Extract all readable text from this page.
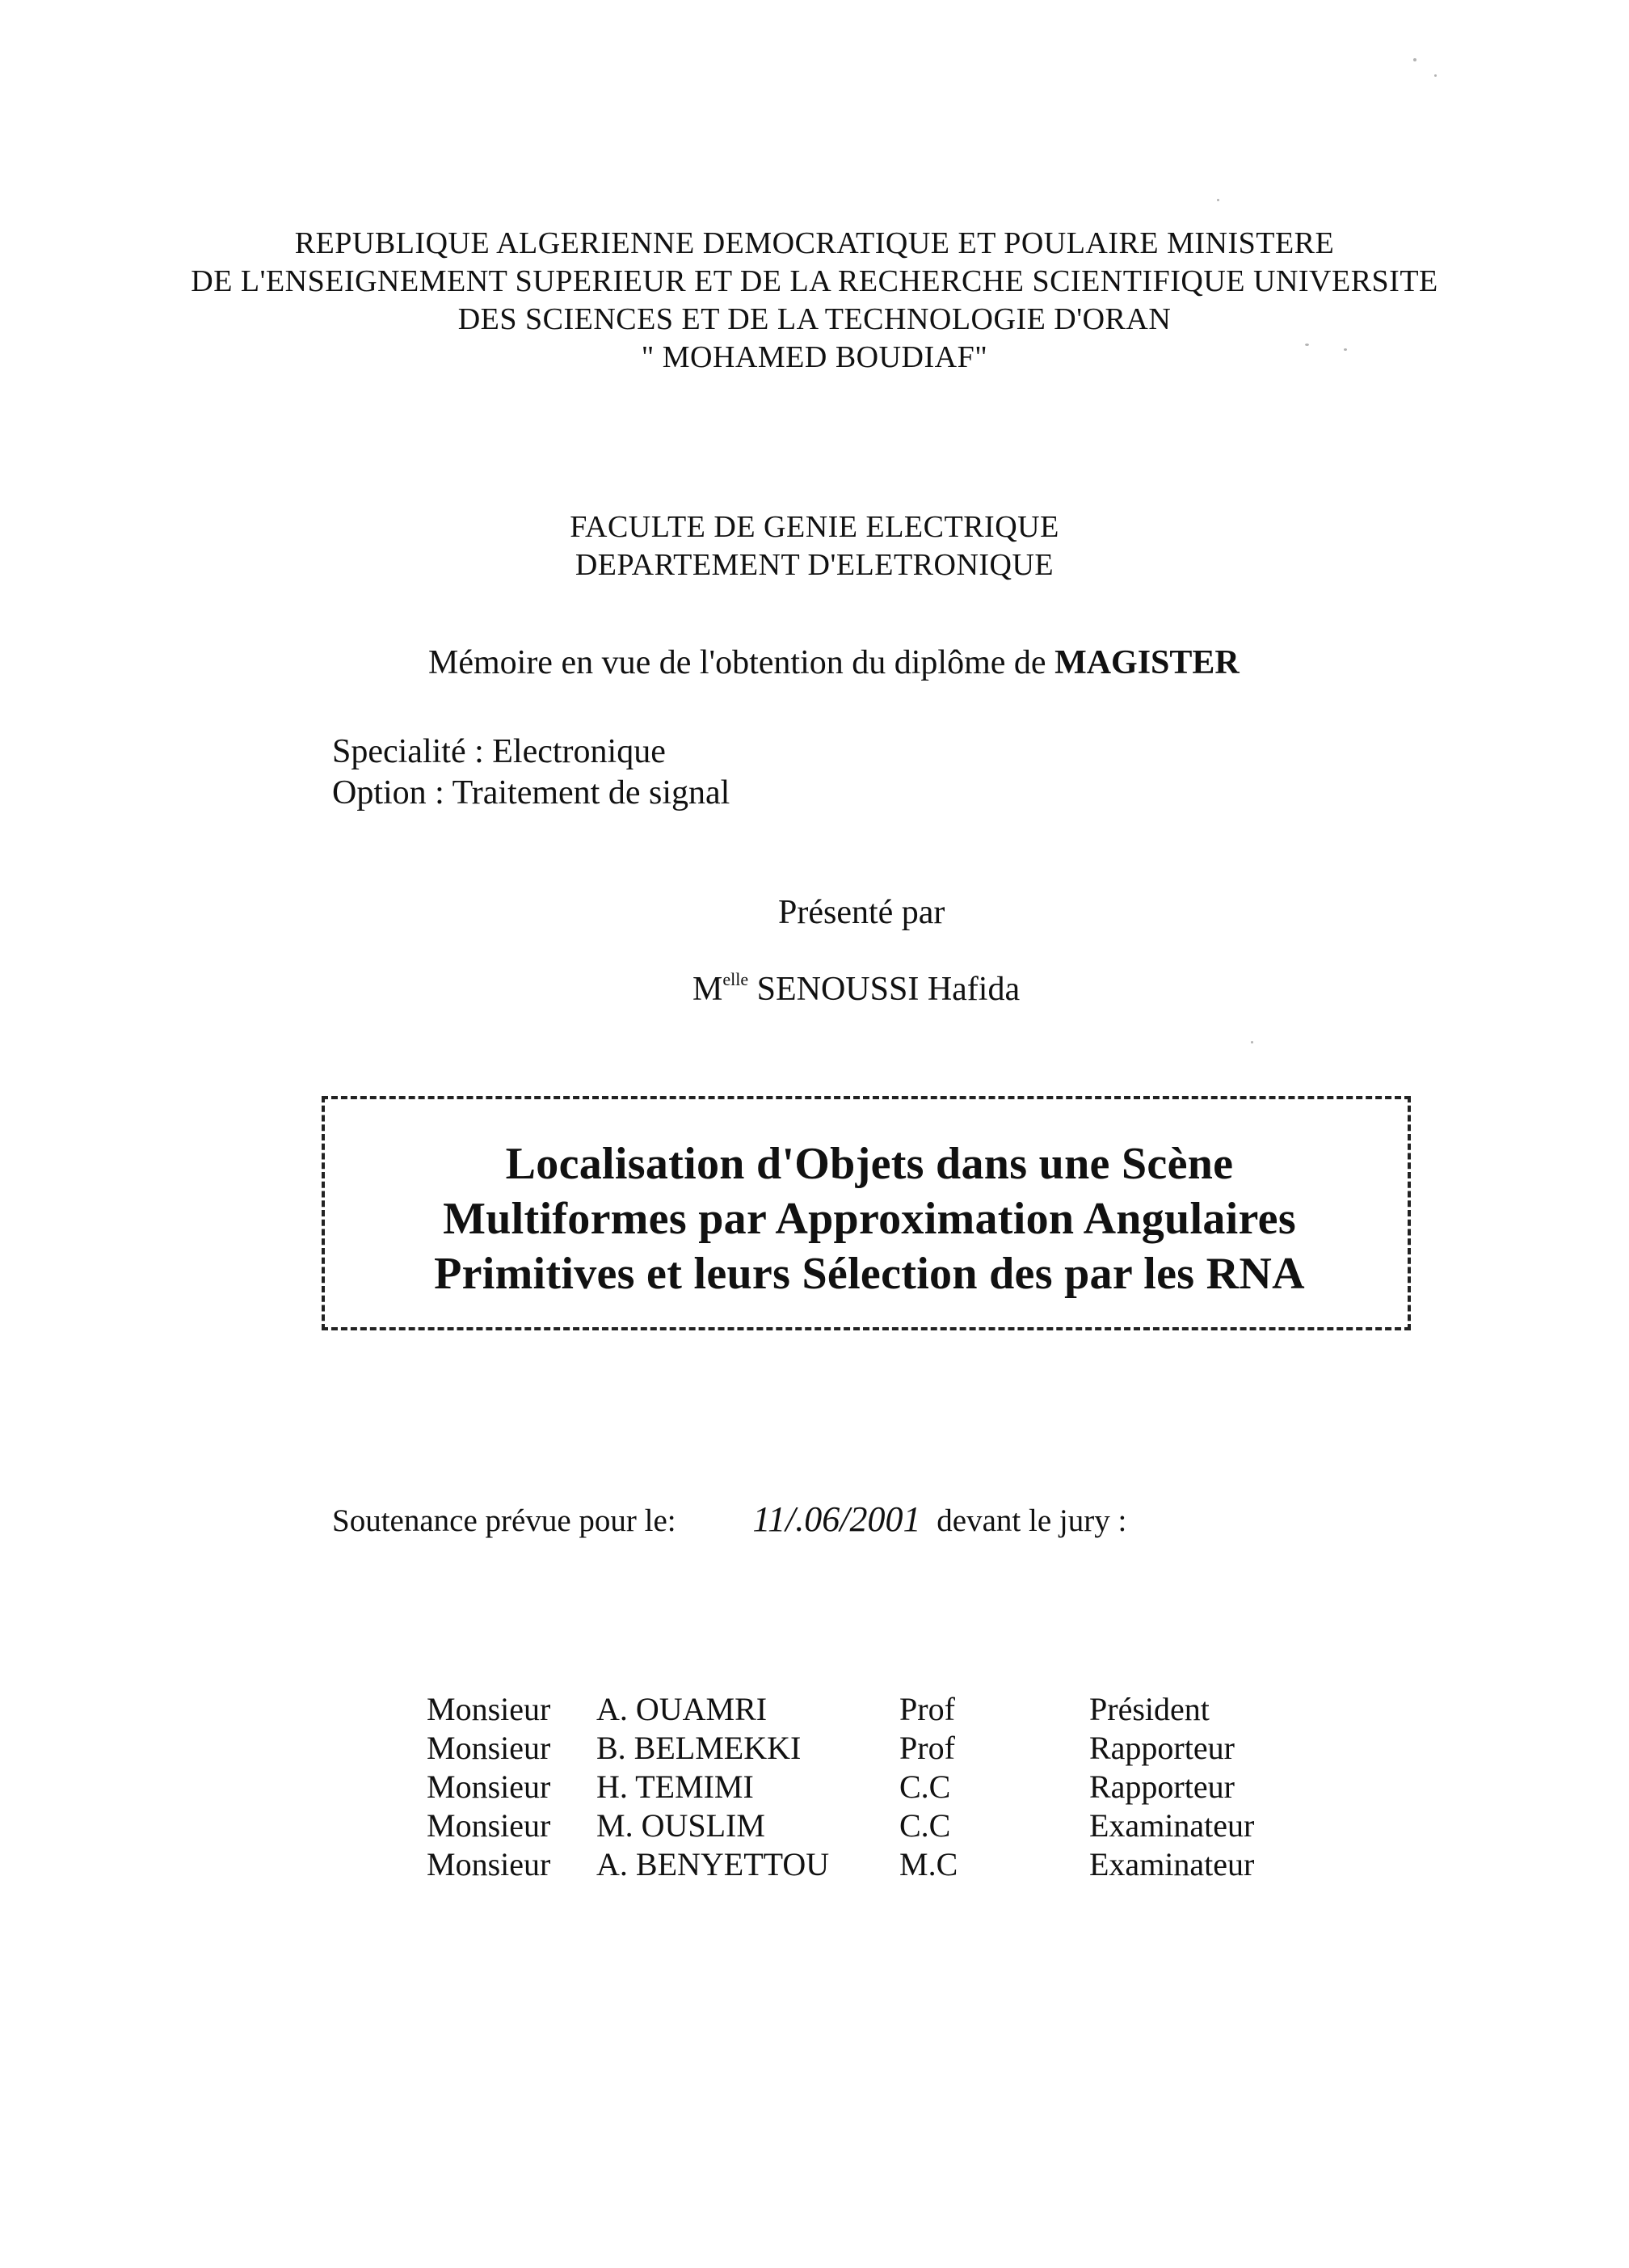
REPUBLIQUE ALGERIENNE DEMOCRATIQUE ET POULAIRE MINISTERE
DE L'ENSEIGNEMENT SUPERIEUR ET DE LA RECHERCHE SCIENTIFIQUE UNIVERSITE
DES SCIENCES ET DE LA TECHNOLOGIE D'ORAN
" MOHAMED BOUDIAF"
FACULTE DE GENIE ELECTRIQUE
DEPARTEMENT D'ELETRONIQUE
Mémoire en vue de l'obtention du diplôme de MAGISTER
Specialité : Electronique
Option : Traitement de signal
Présenté par
$M^{elle}$ SENOUSSI Hafida
Localisation d'Objets dans une Scène
Multiformes par Approximation Angulaires
Primitives et leurs Sélection des par les RNA
Soutenance prévue pour le: 11/.06/2001 devant le jury :
Monsieur	A. OUAMRI	Prof	Président
Monsieur	B. BELMEKKI	Prof	Rapporteur
Monsieur	H. TEMIMI	C.C	Rapporteur
Monsieur	M. OUSLIM	C.C	Examinateur
Monsieur	A. BENYETTOU	M.C	Examinateur
